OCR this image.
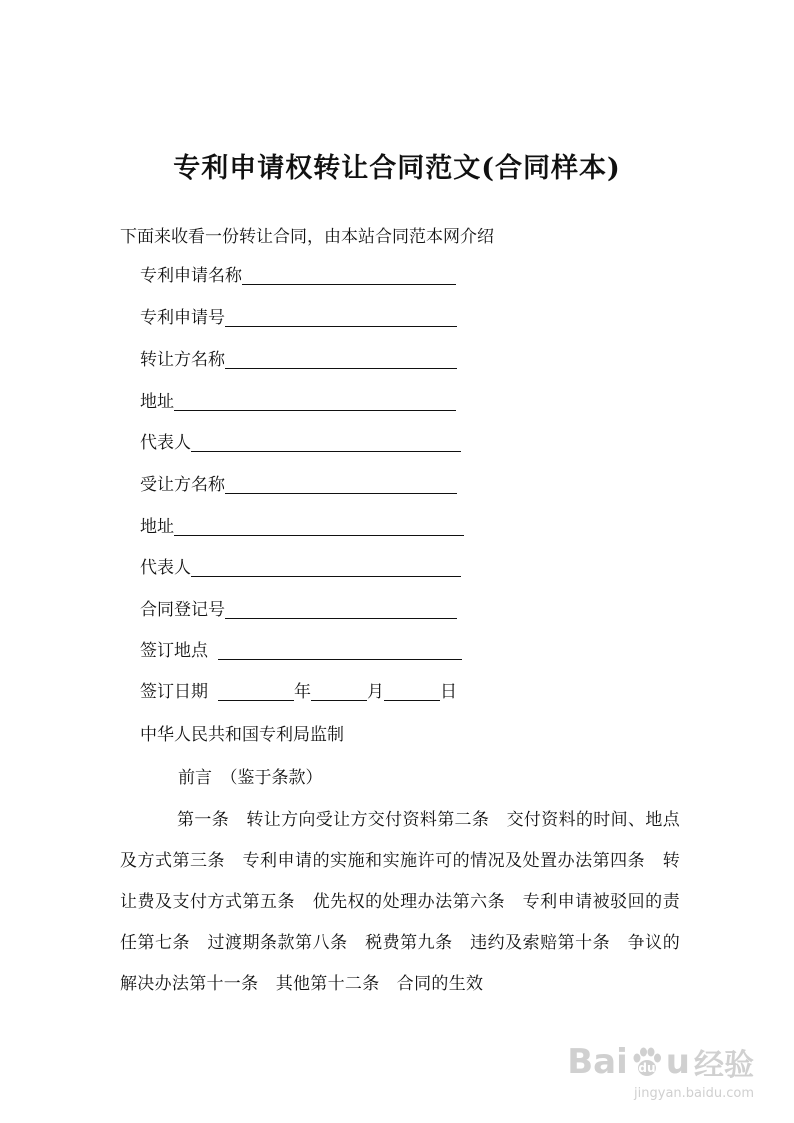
专利申请权转让合同范文(合同样本)
下面来收看一份转让合同，由本站合同范本网介绍
专利申请名称
专利申请号
转让方名称
地址
代表人
受让方名称
地址
代表人
合同登记号
签订地点
签订日期	年	月	日
中华人民共和国专利局监制
前言　（鉴于条款）
第一条　转让方向受让方交付资料第二条　交付资料的时间、地点及方式第三条　专利申请的实施和实施许可的情况及处置办法第四条　转让费及支付方式第五条　优先权的处理办法第六条　专利申请被驳回的责任第七条　过渡期条款第八条　税费第九条　违约及索赔第十条　争议的解决办法第十一条　其他第十二条　合同的生效
Bai du u 经验
jingyan.baidu.com
